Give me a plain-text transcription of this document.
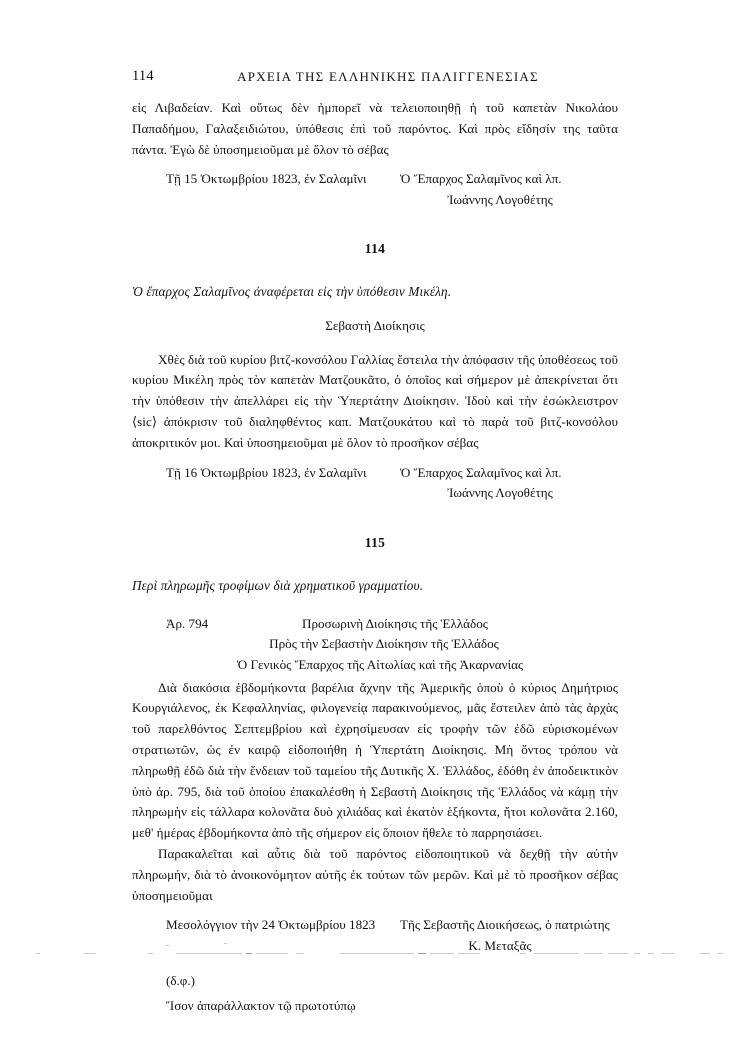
114	ΑΡΧΕΙΑ ΤΗΣ ΕΛΛΗΝΙΚΗΣ ΠΑΛΙΓΓΕΝΕΣΙΑΣ

εἰς Λιβαδείαν. Καὶ οὕτως δὲν ἠμπορεῖ νὰ τελειοποιηθῇ ἡ τοῦ καπετὰν Νικολάου Παπαδήμου, Γαλαξειδιώτου, ὑπόθεσις ἐπὶ τοῦ παρόντος. Καὶ πρὸς εἴδησίν της ταῦτα πάντα. Ἐγὼ δὲ ὑποσημειοῦμαι μὲ ὅλον τὸ σέβας

Τῇ 15 Ὀκτωμβρίου 1823, ἐν Σαλαμῖνι	Ὁ Ἔπαρχος Σαλαμῖνος καὶ λπ.
Ἰωάννης Λογοθέτης
114

Ὁ ἔπαρχος Σαλαμῖνος ἀναφέρεται εἰς τὴν ὑπόθεσιν Μικέλη.

Σεβαστὴ Διοίκησις

Χθὲς διὰ τοῦ κυρίου βιτζ-κονσόλου Γαλλίας ἔστειλα τὴν ἀπόφασιν τῆς ὑποθέσεως τοῦ κυρίου Μικέλη πρὸς τὸν καπετὰν Ματζουκᾶτο, ὁ ὁποῖος καὶ σήμερον μὲ ἀπεκρίνεται ὅτι τὴν ὑπόθεσιν τὴν ἀπελλάρει εἰς τὴν Ὑπερτάτην Διοίκησιν. Ἰδοὺ καὶ τὴν ἐσώκλειστρον ⟨sic⟩ ἀπόκρισιν τοῦ διαληφθέντος καπ. Ματζουκάτου καὶ τὸ παρὰ τοῦ βιτζ-κονσόλου ἀποκριτικόν μοι. Καὶ ὑποσημειοῦμαι μὲ ὅλον τὸ προσῆκον σέβας

Τῇ 16 Ὀκτωμβρίου 1823, ἐν Σαλαμῖνι	Ὁ Ἔπαρχος Σαλαμῖνος καὶ λπ.
Ἰωάννης Λογοθέτης
115

Περὶ πληρωμῆς τροφίμων διὰ χρηματικοῦ γραμματίου.

Ἀρ. 794	Προσωρινὴ Διοίκησις τῆς Ἑλλάδος
Πρὸς τὴν Σεβαστὴν Διοίκησιν τῆς Ἑλλάδος
Ὁ Γενικὸς Ἔπαρχος τῆς Αἰτωλίας καὶ τῆς Ἀκαρνανίας

Διὰ διακόσια ἑβδομήκοντα βαρέλια ἄχνην τῆς Ἀμερικῆς ὁποὺ ὁ κύριος Δημήτριος Κουργιάλενος, ἐκ Κεφαλληνίας, φιλογενείᾳ παρακινούμενος, μᾶς ἔστειλεν ἀπὸ τὰς ἀρχὰς τοῦ παρελθόντος Σεπτεμβρίου καὶ ἐχρησίμευσαν εἰς τροφὴν τῶν ἐδῶ εὑρισκομένων στρατιωτῶν, ὡς ἐν καιρῷ εἰδοποιήθη ἡ Ὑπερτάτη Διοίκησις. Μὴ ὄντος τρόπου νὰ πληρωθῇ ἐδῶ διὰ τὴν ἔνδειαν τοῦ ταμείου τῆς Δυτικῆς Χ. Ἑλλάδος, ἐδόθη ἐν ἀποδεικτικὸν ὑπὸ ἀρ. 795, διὰ τοῦ ὁποίου ἐπακαλέσθη ἡ Σεβαστὴ Διοίκησις τῆς Ἑλλάδος νὰ κάμῃ τὴν πληρωμὴν εἰς τάλλαρα κολονᾶτα δυὸ χιλιάδας καὶ ἑκατὸν ἑξήκοντα, ἤτοι κολονᾶτα 2.160, μεθ' ἡμέρας ἑβδομήκοντα ἀπὸ τῆς σήμερον εἰς ὅποιον ἤθελε τὸ παρρησιάσει.

Παρακαλεῖται καὶ αὗτις διὰ τοῦ παρόντος εἰδοποιητικοῦ νὰ δεχθῇ τὴν αὐτὴν πληρωμήν, διὰ τὸ ἀνοικονόμητον αὐτῆς ἐκ τούτων τῶν μερῶν. Καὶ μὲ τὸ προσῆκον σέβας ὑποσημειοῦμαι

Μεσολόγγιον τὴν 24 Ὀκτωμβρίου 1823 Τῆς Σεβαστῆς Διοικήσεως, ὁ πατριώτης
Κ. Μεταξᾶς
(δ.φ.)
Ἴσον ἀπαράλλακτον τῷ πρωτοτύπῳ
